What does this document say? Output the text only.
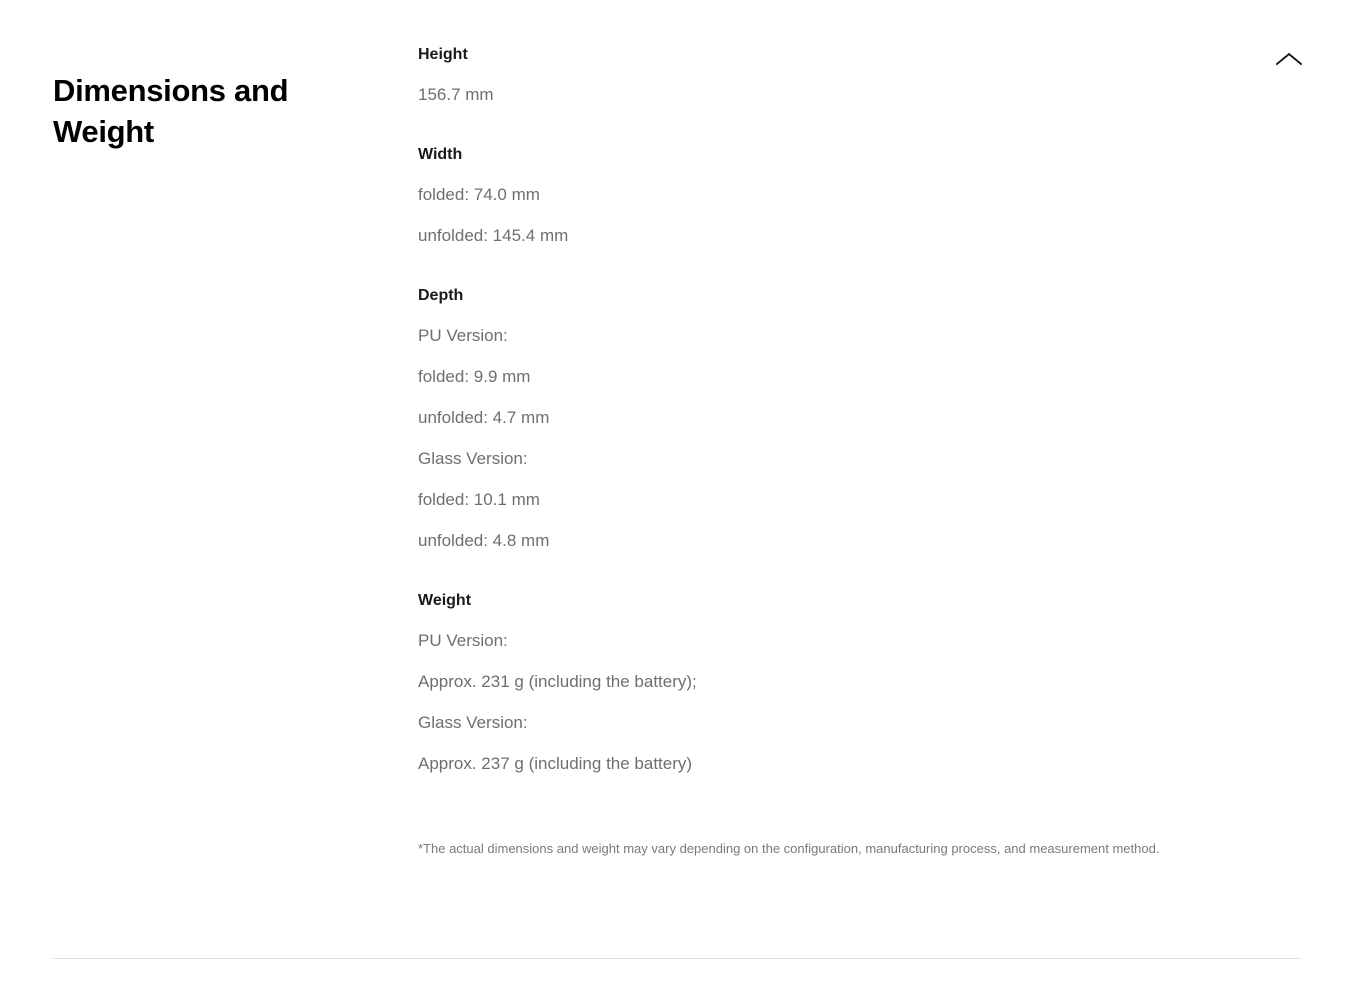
Dimensions and Weight
Height
156.7 mm
Width
folded: 74.0 mm
unfolded: 145.4 mm
Depth
PU Version:
folded: 9.9 mm
unfolded: 4.7 mm
Glass Version:
folded: 10.1 mm
unfolded: 4.8 mm
Weight
PU Version:
Approx. 231 g (including the battery);
Glass Version:
Approx. 237 g (including the battery)
*The actual dimensions and weight may vary depending on the configuration, manufacturing process, and measurement method.
